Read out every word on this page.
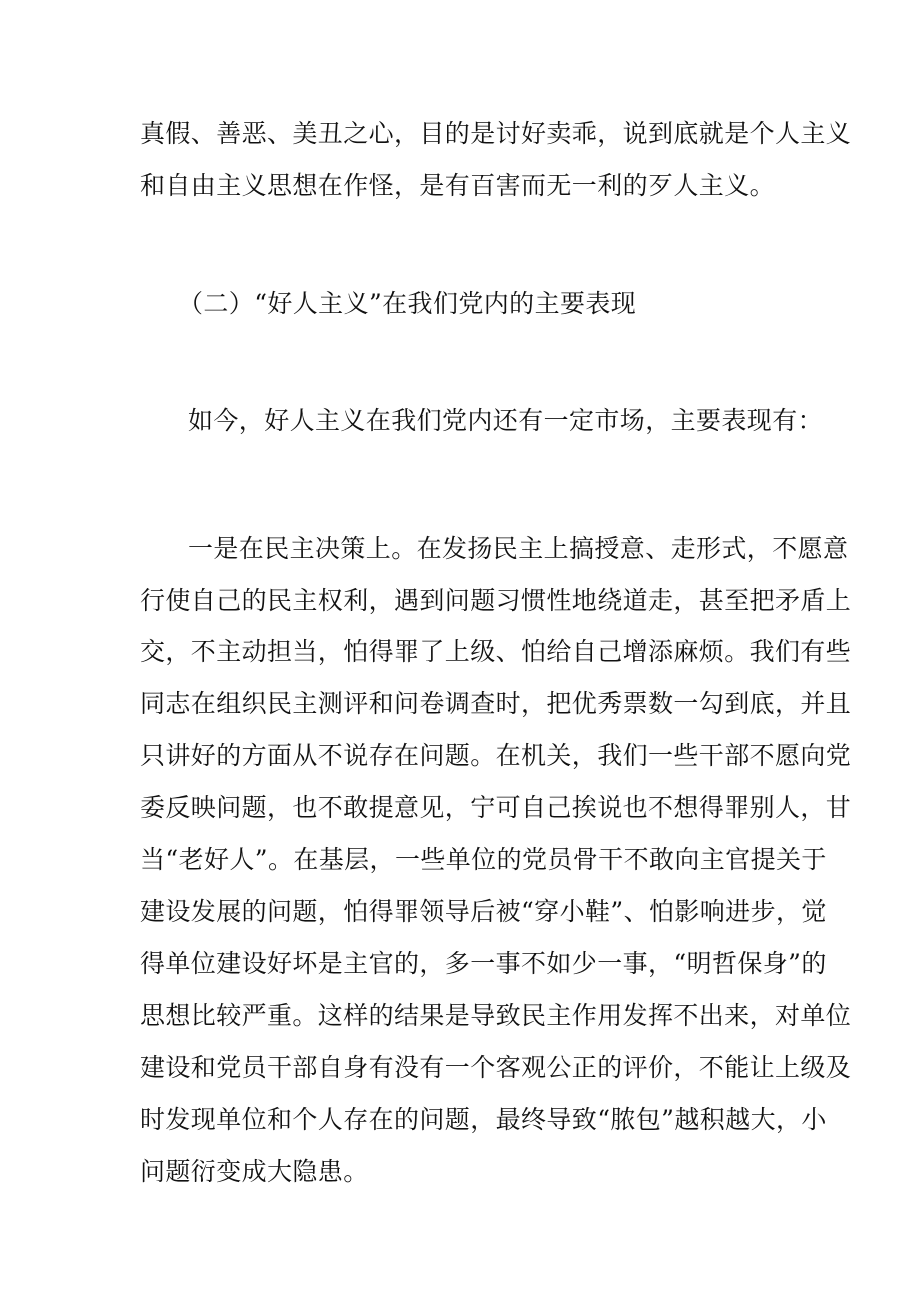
真假、善恶、美丑之心，目的是讨好卖乖，说到底就是个人主义
和自由主义思想在作怪，是有百害而无一利的歹人主义。
（二）“好人主义”在我们党内的主要表现
如今，好人主义在我们党内还有一定市场，主要表现有：
一是在民主决策上。在发扬民主上搞授意、走形式，不愿意
行使自己的民主权利，遇到问题习惯性地绕道走，甚至把矛盾上
交，不主动担当，怕得罪了上级、怕给自己增添麻烦。我们有些
同志在组织民主测评和问卷调查时，把优秀票数一勾到底，并且
只讲好的方面从不说存在问题。在机关，我们一些干部不愿向党
委反映问题，也不敢提意见，宁可自己挨说也不想得罪别人，甘
当“老好人”。在基层，一些单位的党员骨干不敢向主官提关于
建设发展的问题，怕得罪领导后被“穿小鞋”、怕影响进步，觉
得单位建设好坏是主官的，多一事不如少一事，“明哲保身”的
思想比较严重。这样的结果是导致民主作用发挥不出来，对单位
建设和党员干部自身有没有一个客观公正的评价，不能让上级及
时发现单位和个人存在的问题，最终导致“脓包”越积越大，小
问题衍变成大隐患。
